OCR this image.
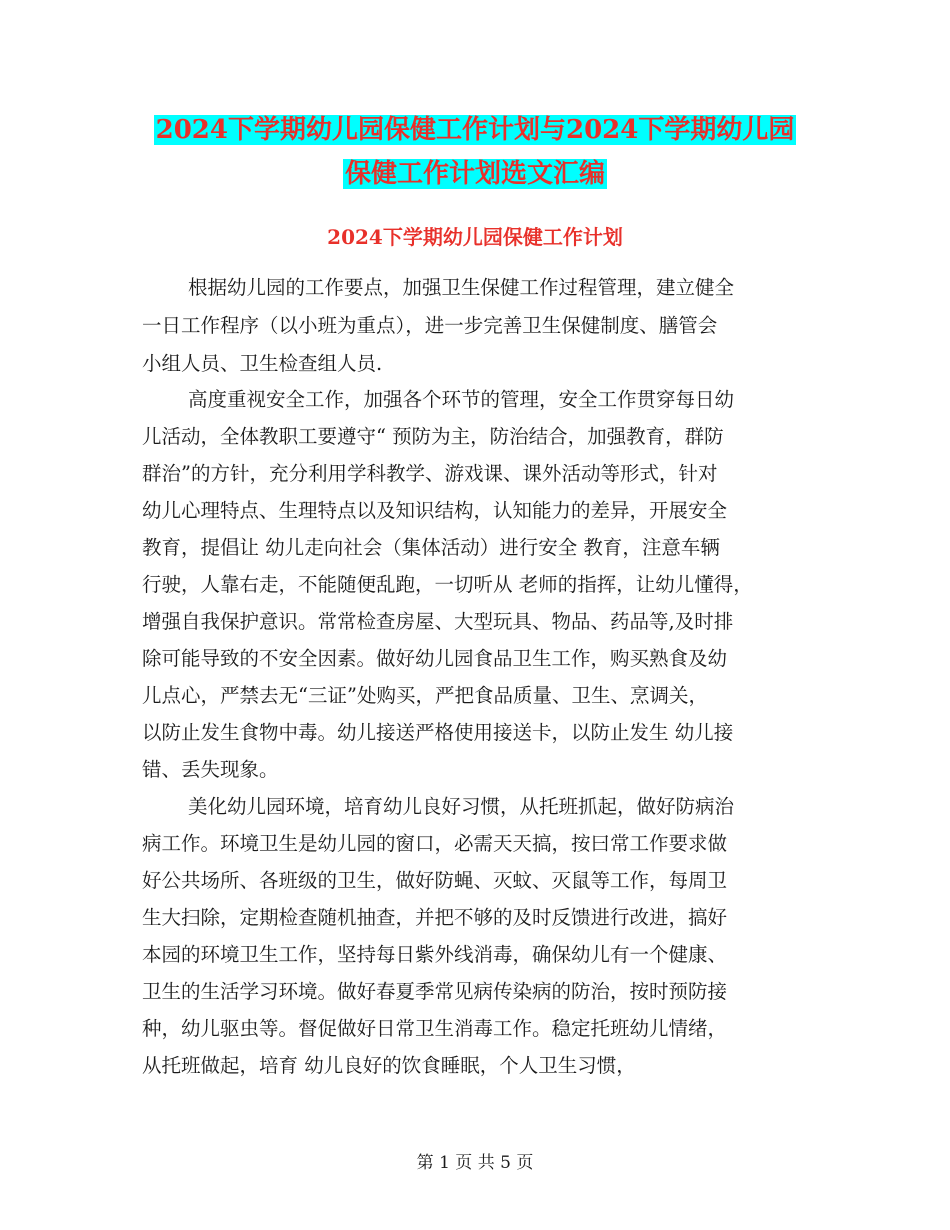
2024下学期幼儿园保健工作计划与2024下学期幼儿园
保健工作计划选文汇编
2024下学期幼儿园保健工作计划
根据幼儿园的工作要点，加强卫生保健工作过程管理，建立健全
一日工作程序（以小班为重点），进一步完善卫生保健制度、膳管会
小组人员、卫生检查组人员.
高度重视安全工作，加强各个环节的管理，安全工作贯穿每日幼
儿活动，全体教职工要遵守“ 预防为主，防治结合，加强教育，群防
群治”的方针，充分利用学科教学、游戏课、课外活动等形式，针对
幼儿心理特点、生理特点以及知识结构，认知能力的差异，开展安全
教育，提倡让 幼儿走向社会（集体活动）进行安全 教育，注意车辆
行驶，人靠右走，不能随便乱跑，一切听从 老师的指挥，让幼儿懂得，
增强自我保护意识。常常检查房屋、大型玩具、物品、药品等,及时排
除可能导致的不安全因素。做好幼儿园食品卫生工作，购买熟食及幼
儿点心，严禁去无“三证”处购买，严把食品质量、卫生、烹调关，
以防止发生食物中毒。幼儿接送严格使用接送卡，以防止发生 幼儿接
错、丢失现象。
美化幼儿园环境，培育幼儿良好习惯，从托班抓起，做好防病治
病工作。环境卫生是幼儿园的窗口，必需天天搞，按曰常工作要求做
好公共场所、各班级的卫生，做好防蝇、灭蚊、灭鼠等工作，每周卫
生大扫除，定期检查随机抽查，并把不够的及时反馈进行改进，搞好
本园的环境卫生工作，坚持每日紫外线消毒，确保幼儿有一个健康、
卫生的生活学习环境。做好春夏季常见病传染病的防治，按时预防接
种，幼儿驱虫等。督促做好日常卫生消毒工作。稳定托班幼儿情绪，
从托班做起，培育 幼儿良好的饮食睡眠，个人卫生习惯，
第 1 页 共 5 页
